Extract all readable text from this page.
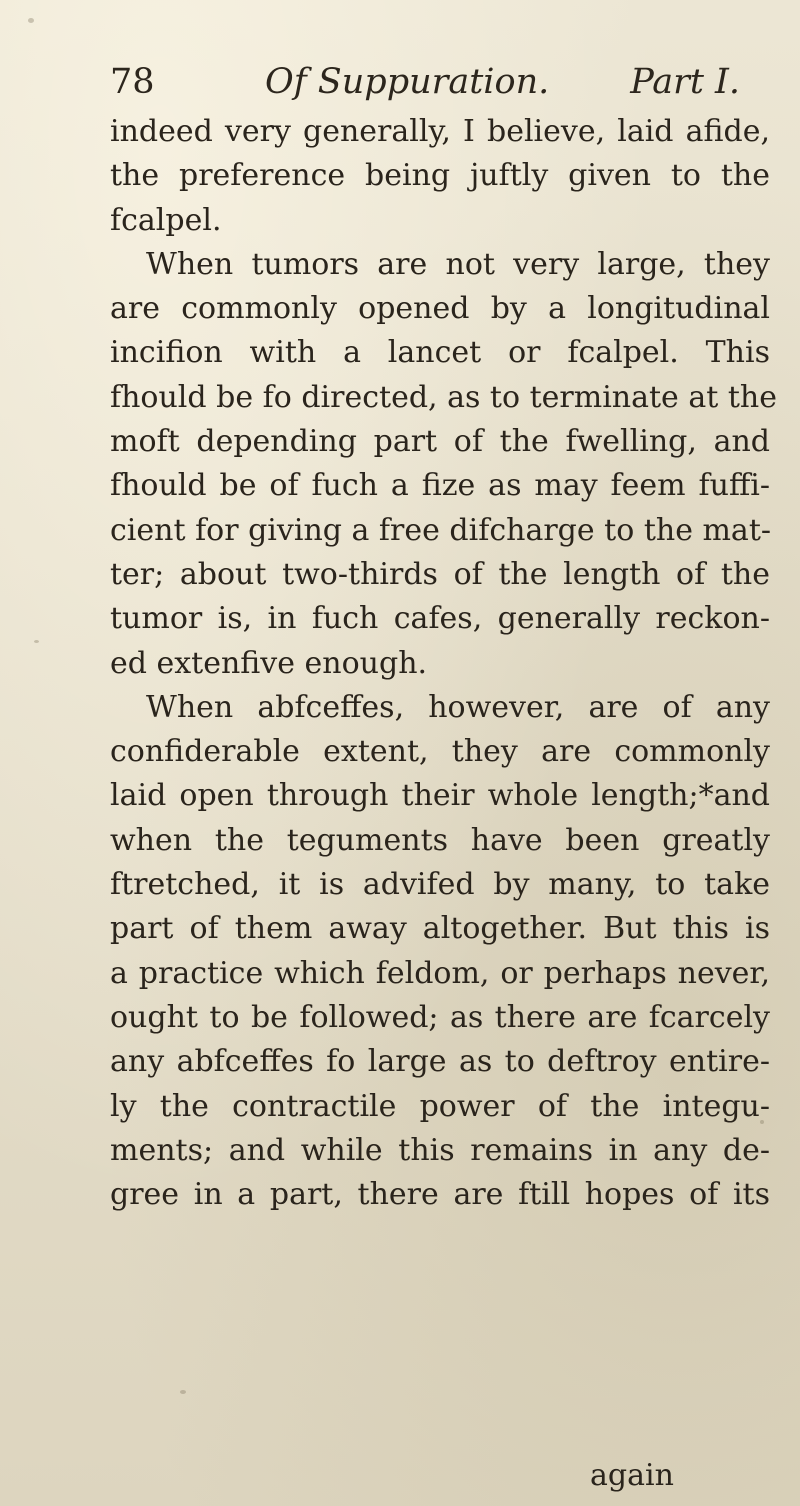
78	Of Suppuration. Part I.
indeed very generally, I believe, laid afide,
the preference being juftly given to the
fcalpel.
When tumors are not very large, they
are commonly opened by a longitudinal
incifion with a lancet or fcalpel. This
fhould be fo directed, as to terminate at the
moft depending part of the fwelling, and
fhould be of fuch a fize as may feem fuffi-
cient for giving a free difcharge to the mat-
ter; about two-thirds of the length of the
tumor is, in fuch cafes, generally reckon-
ed extenfive enough.
When abfceffes, however, are of any
confiderable extent, they are commonly
laid open through their whole length;*and
when the teguments have been greatly
ftretched, it is advifed by many, to take
part of them away altogether. But this is
a practice which feldom, or perhaps never,
ought to be followed; as there are fcarcely
any abfceffes fo large as to deftroy entire-
ly the contractile power of the integu-
ments; and while this remains in any de-
gree in a part, there are ftill hopes of its
again
